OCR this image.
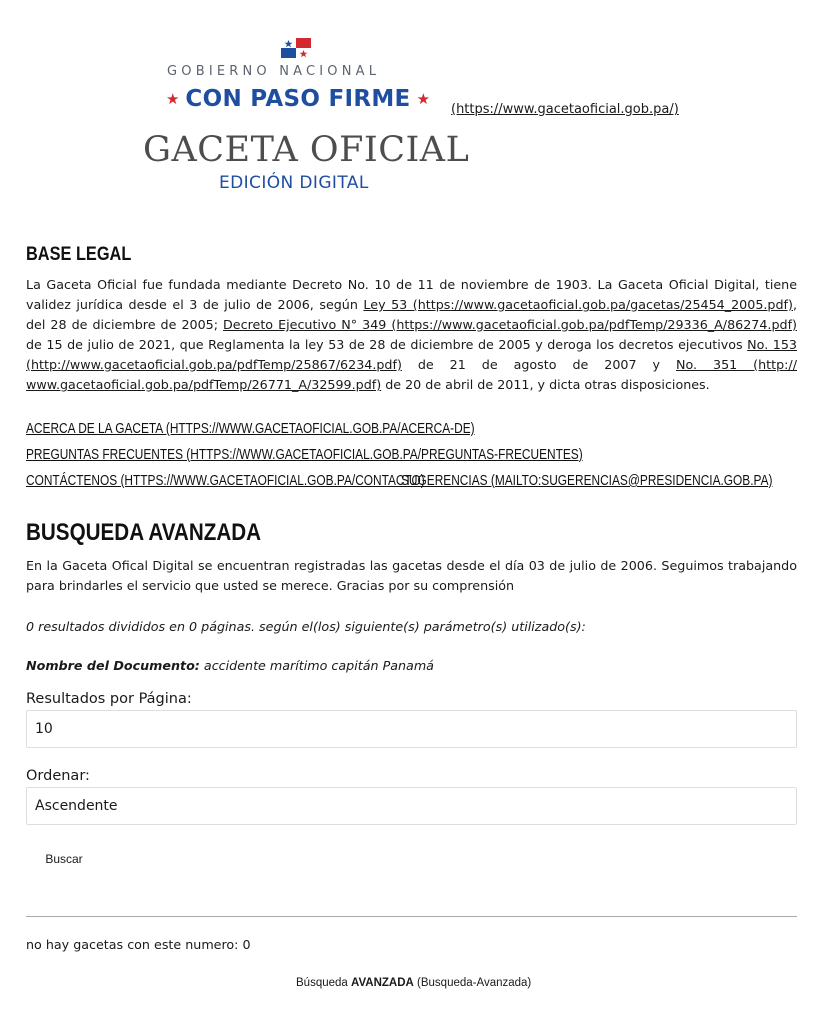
GOBIERNO NACIONAL
★ CON PASO FIRME ★
(https://www.gacetaoficial.gob.pa/)
GACETA OFICIAL
EDICIÓN DIGITAL
BASE LEGAL

La Gaceta Oficial fue fundada mediante Decreto No. 10 de 11 de noviembre de 1903. La Gaceta Oficial Digital, tiene validez jurídica desde el 3 de julio de 2006, según Ley 53 (https://www.gacetaoficial.gob.pa/gacetas/25454_2005.pdf), del 28 de diciembre de 2005; Decreto Ejecutivo N° 349 (https://www.gacetaoficial.gob.pa/pdfTemp/29336_A/86274.pdf) de 15 de julio de 2021, que Reglamenta la ley 53 de 28 de diciembre de 2005 y deroga los decretos ejecutivos No. 153 (http://www.gacetaoficial.gob.pa/pdfTemp/25867/6234.pdf) de 21 de agosto de 2007 y No. 351 (http:// www.gacetaoficial.gob.pa/pdfTemp/26771_A/32599.pdf) de 20 de abril de 2011, y dicta otras disposiciones.

ACERCA DE LA GACETA (HTTPS://WWW.GACETAOFICIAL.GOB.PA/ACERCA-DE)
PREGUNTAS FRECUENTES (HTTPS://WWW.GACETAOFICIAL.GOB.PA/PREGUNTAS-FRECUENTES)
CONTÁCTENOS (HTTPS://WWW.GACETAOFICIAL.GOB.PA/CONTACTO)
SUGERENCIAS (MAILTO:SUGERENCIAS@PRESIDENCIA.GOB.PA)
BUSQUEDA AVANZADA

En la Gaceta Ofical Digital se encuentran registradas las gacetas desde el día 03 de julio de 2006. Seguimos trabajando para brindarles el servicio que usted se merece. Gracias por su comprensión

0 resultados divididos en 0 páginas. según el(los) siguiente(s) parámetro(s) utilizado(s):

Nombre del Documento: accidente marítimo capitán Panamá

Resultados por Página:
10
Ordenar:
Ascendente
Buscar

no hay gacetas con este numero: 0

Búsqueda AVANZADA (Busqueda-Avanzada)
